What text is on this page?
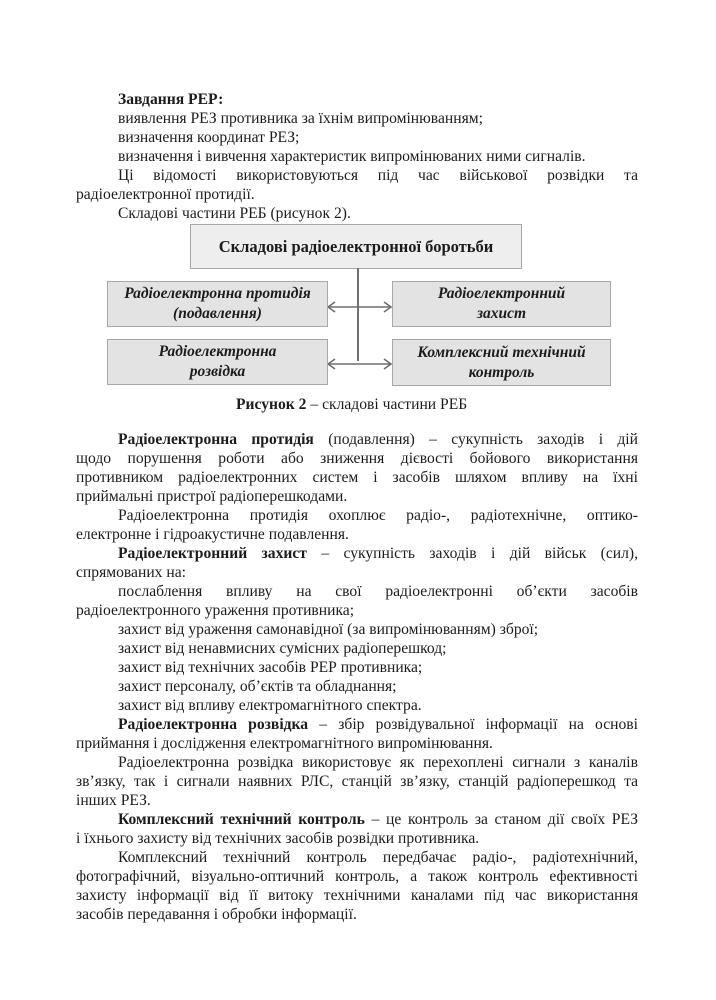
Завдання РЕР:
виявлення РЕЗ противника за їхнім випромінюванням;
визначення координат РЕЗ;
визначення і вивчення характеристик випромінюваних ними сигналів.
Ці відомості використовуються під час військової розвідки та
радіоелектронної протидії.
Складові частини РЕБ (рисунок 2).
Складові радіоелектронної боротьби
Радіоелектронна протидія
(подавлення)
Радіоелектронна
розвідка
Радіоелектронний
захист
Комплексний технічний
контроль
Рисунок 2 – складові частини РЕБ
Радіоелектронна протидія (подавлення) – сукупність заходів і дій
щодо порушення роботи або зниження дієвості бойового використання
противником радіоелектронних систем і засобів шляхом впливу на їхні
приймальні пристрої радіоперешкодами.
Радіоелектронна протидія охоплює радіо-, радіотехнічне, оптико-
електронне і гідроакустичне подавлення.
Радіоелектронний захист – сукупність заходів і дій військ (сил),
спрямованих на:
послаблення впливу на свої радіоелектронні об’єкти засобів
радіоелектронного ураження противника;
захист від ураження самонавідної (за випромінюванням) зброї;
захист від ненавмисних сумісних радіоперешкод;
захист від технічних засобів РЕР противника;
захист персоналу, об’єктів та обладнання;
захист від впливу електромагнітного спектра.
Радіоелектронна розвідка – збір розвідувальної інформації на основі
приймання і дослідження електромагнітного випромінювання.
Радіоелектронна розвідка використовує як перехоплені сигнали з каналів
зв’язку, так і сигнали наявних РЛС, станцій зв’язку, станцій радіоперешкод та
інших РЕЗ.
Комплексний технічний контроль – це контроль за станом дії своїх РЕЗ
і їхнього захисту від технічних засобів розвідки противника.
Комплексний технічний контроль передбачає радіо-, радіотехнічний,
фотографічний, візуально-оптичний контроль, а також контроль ефективності
захисту інформації від її витоку технічними каналами під час використання
засобів передавання і обробки інформації.
